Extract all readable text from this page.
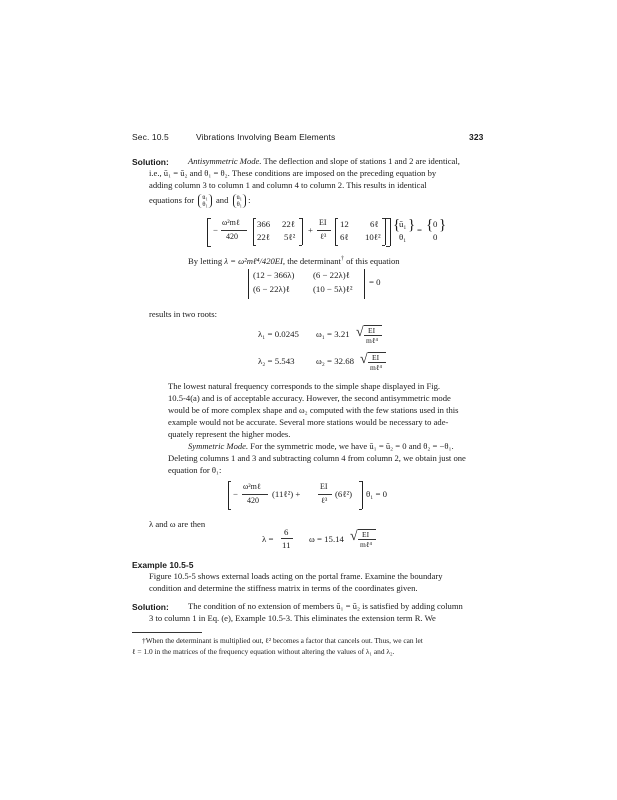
Sec. 10.5	Vibrations Involving Beam Elements	323
Solution: Antisymmetric Mode. The deflection and slope of stations 1 and 2 are identical,
i.e., ū₁ = ū₂ and θ₁ = θ₂. These conditions are imposed on the preceding equation by
adding column 3 to column 1 and column 4 to column 2. This results in identical
equations for ū₁
θ₁ and ū₁
θ₁ :
−
ω²mℓ
420
366 22ℓ
22ℓ 5ℓ²
+
EI
ℓ³
12 6ℓ
6ℓ 10ℓ²
{
ū₁
θ₁
} = { 0
0
}
By letting λ = ω²mℓ⁴/420EI, the determinant† of this equation
(12 − 366λ) (6 − 22λ)ℓ
(6 − 22λ)ℓ	(10 − 5λ)ℓ²
= 0
results in two roots:
λ₁ = 0.0245 ω₁ = 3.21 √ EI
mℓ⁴
λ₂ = 5.543 ω₂ = 32.68 √ EI
mℓ⁴
The lowest natural frequency corresponds to the simple shape displayed in Fig.
10.5-4(a) and is of acceptable accuracy. However, the second antisymmetric mode
would be of more complex shape and ω₂ computed with the few stations used in this
example would not be accurate. Several more stations would be necessary to ade-
quately represent the higher modes.
Symmetric Mode. For the symmetric mode, we have ū₁ = ū₂ = 0 and θ₂ = −θ₁.
Deleting columns 1 and 3 and subtracting column 4 from column 2, we obtain just one
equation for θ₁:
−
ω²mℓ
420
(11ℓ²) +
EI
ℓ³
(6ℓ²) θ₁ = 0
λ and ω are then
λ =
6
11
ω = 15.14 √ EI
mℓ⁴
Example 10.5-5
Figure 10.5-5 shows external loads acting on the portal frame. Examine the boundary
condition and determine the stiffness matrix in terms of the coordinates given.
Solution: The condition of no extension of members ū₁ = ū₂ is satisfied by adding column
3 to column 1 in Eq. (e), Example 10.5-3. This eliminates the extension term R. We
†When the determinant is multiplied out, ℓ² becomes a factor that cancels out. Thus, we can let
ℓ = 1.0 in the matrices of the frequency equation without altering the values of λ₁ and λ₂.
